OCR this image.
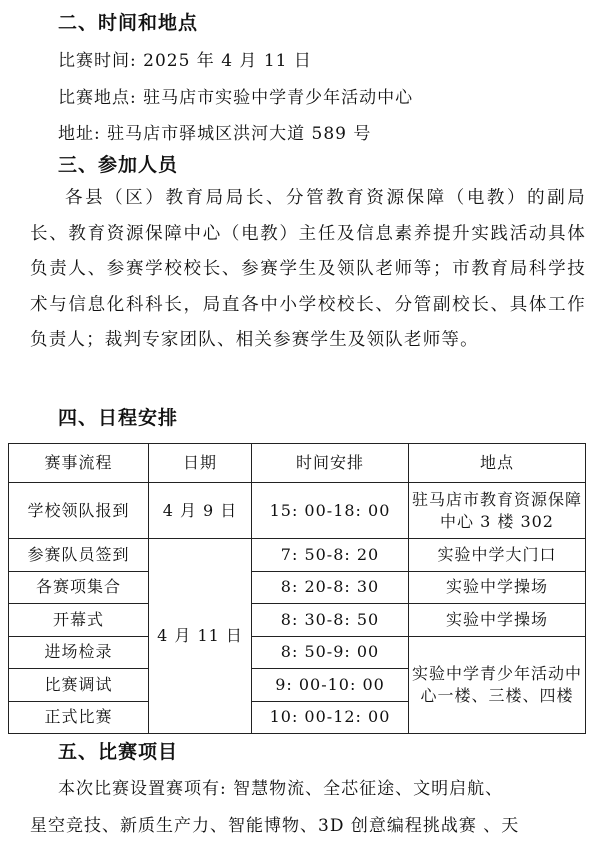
二、时间和地点
比赛时间: 2025 年 4 月 11 日
比赛地点: 驻马店市实验中学青少年活动中心
地址: 驻马店市驿城区洪河大道 589 号
三、参加人员
各县（区）教育局局长、分管教育资源保障（电教）的副局长、教育资源保障中心（电教）主任及信息素养提升实践活动具体负责人、参赛学校校长、参赛学生及领队老师等；市教育局科学技术与信息化科科长，局直各中小学校校长、分管副校长、具体工作负责人；裁判专家团队、相关参赛学生及领队老师等。
四、日程安排
赛事流程	日期	时间安排	地点
学校领队报到	4 月 9 日	15: 00-18: 00	驻马店市教育资源保障中心 3 楼 302
参赛队员签到	4 月 11 日	7: 50-8: 20	实验中学大门口
各赛项集合		8: 20-8: 30	实验中学操场
开幕式		8: 30-8: 50	实验中学操场
进场检录		8: 50-9: 00	实验中学青少年活动中心一楼、三楼、四楼
比赛调试		9: 00-10: 00	
正式比赛		10: 00-12: 00	
五、比赛项目
本次比赛设置赛项有: 智慧物流、全芯征途、文明启航、
星空竞技、新质生产力、智能博物、3D 创意编程挑战赛 、天
